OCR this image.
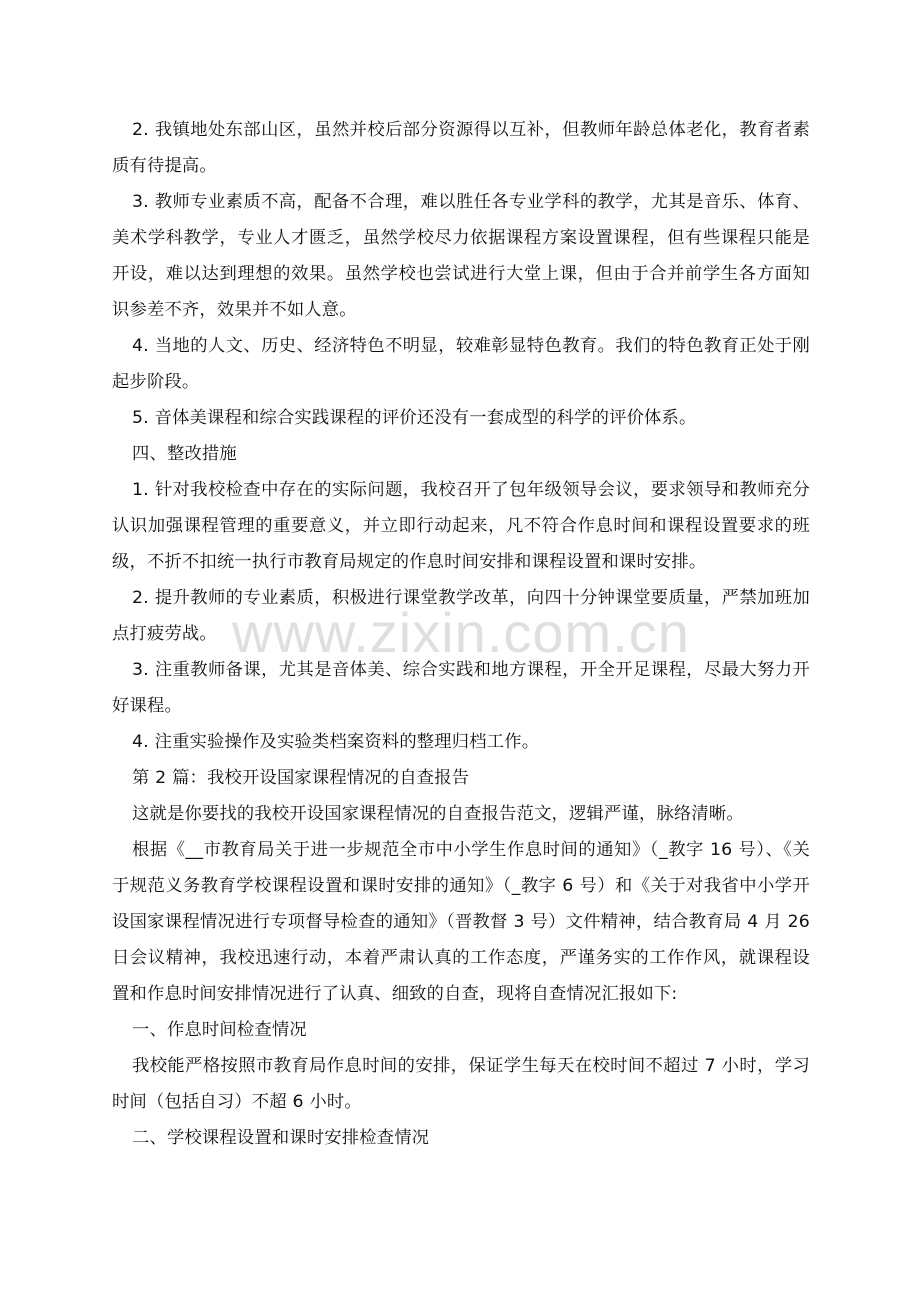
2. 我镇地处东部山区，虽然并校后部分资源得以互补，但教师年龄总体老化，教育者素质有待提高。

3. 教师专业素质不高，配备不合理，难以胜任各专业学科的教学，尤其是音乐、体育、美术学科教学，专业人才匮乏，虽然学校尽力依据课程方案设置课程，但有些课程只能是开设，难以达到理想的效果。虽然学校也尝试进行大堂上课，但由于合并前学生各方面知识参差不齐，效果并不如人意。

4. 当地的人文、历史、经济特色不明显，较难彰显特色教育。我们的特色教育正处于刚起步阶段。

5. 音体美课程和综合实践课程的评价还没有一套成型的科学的评价体系。

四、整改措施

1. 针对我校检查中存在的实际问题，我校召开了包年级领导会议，要求领导和教师充分认识加强课程管理的重要意义，并立即行动起来，凡不符合作息时间和课程设置要求的班级，不折不扣统一执行市教育局规定的作息时间安排和课程设置和课时安排。

2. 提升教师的专业素质，积极进行课堂教学改革，向四十分钟课堂要质量，严禁加班加点打疲劳战。

3. 注重教师备课，尤其是音体美、综合实践和地方课程，开全开足课程，尽最大努力开好课程。

4. 注重实验操作及实验类档案资料的整理归档工作。

第 2 篇：我校开设国家课程情况的自查报告

这就是你要找的我校开设国家课程情况的自查报告范文，逻辑严谨，脉络清晰。

根据《__市教育局关于进一步规范全市中小学生作息时间的通知》（_教字 16 号）、《关于规范义务教育学校课程设置和课时安排的通知》（_教字 6 号）和《关于对我省中小学开设国家课程情况进行专项督导检查的通知》（晋教督 3 号）文件精神，结合教育局 4 月 26 日会议精神，我校迅速行动，本着严肃认真的工作态度，严谨务实的工作作风，就课程设置和作息时间安排情况进行了认真、细致的自查，现将自查情况汇报如下:

一、作息时间检查情况

我校能严格按照市教育局作息时间的安排，保证学生每天在校时间不超过 7 小时，学习时间（包括自习）不超 6 小时。

二、学校课程设置和课时安排检查情况

www.zixin.com.cn
